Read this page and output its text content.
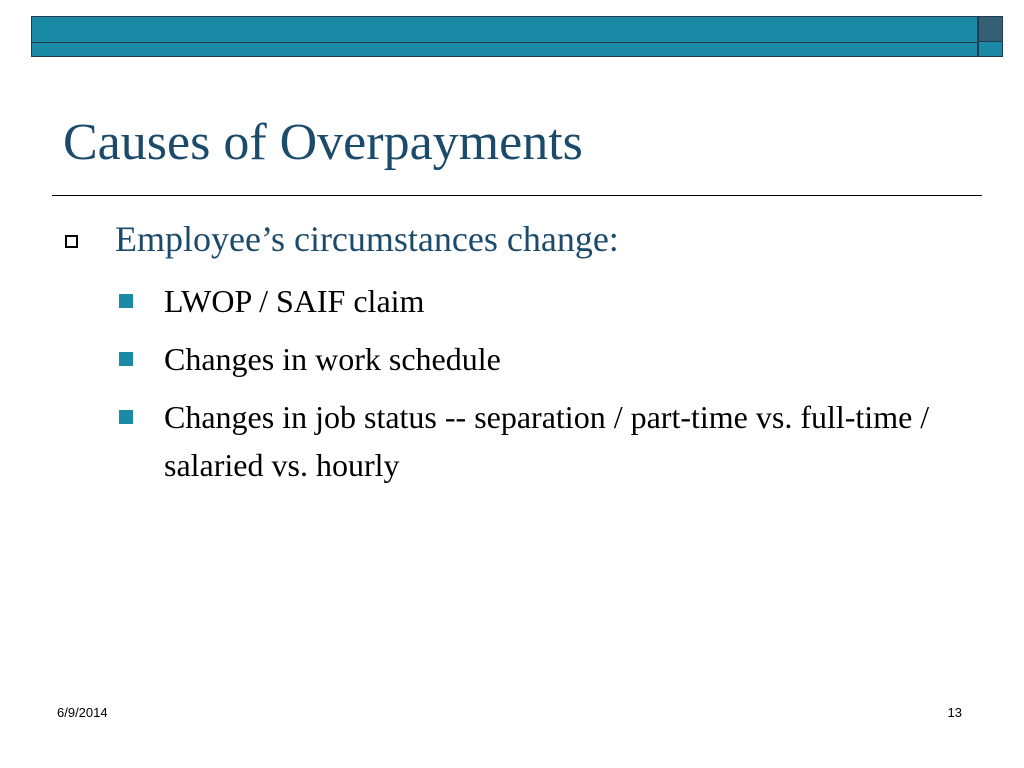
Causes of Overpayments
Employee’s circumstances change:
LWOP / SAIF claim
Changes in work schedule
Changes in job status -- separation / part-time vs. full-time / salaried vs. hourly
6/9/2014	13
